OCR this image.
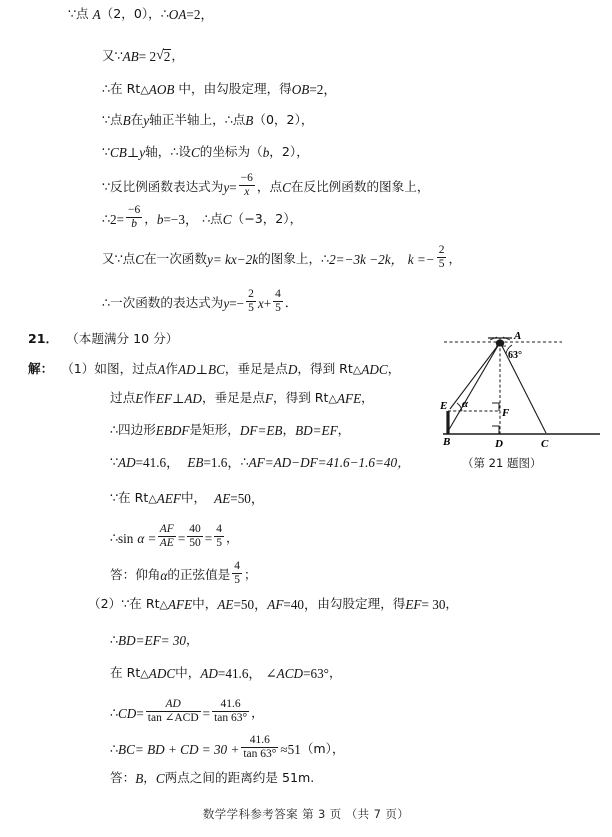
∵ 点 A （2，0）， ∴ OA =2，
又∵ AB = 2 √ 2 ，
∴ 在 Rt △ AOB 中，由勾股定理，得 OB =2，
∵ 点 B 在 y 轴正半轴上， ∴ 点 B （0，2），
∵ CB ⊥ y 轴， ∴ 设 C 的坐标为（ b ，2），
∵ 反比例函数表达式为 $y = \frac{-6}{x}$ ，点 C 在反比例函数的图象上，
∴ $2= \frac{-6}{b}$ ， b =−3， ∴ 点 C （−3，2），
又∵ 点 C 在一次函数 y= kx−2k 的图象上， ∴ 2=−3k −2k， $k =- \frac{2}{5}$ ，
∴ 一次函数的表达式为 $y =- \frac{2}{5}$ $x + \frac{4}{5}$ ．
21． （本题满分 10 分）
解： （1） 如图，过点 A 作 AD ⊥ BC ，垂足是点 D ，得到 Rt △ ADC ，
过点 E 作 EF ⊥ AD ，垂足是点 F ，得到 Rt △ AFE ，
∴ 四边形 EBDF 是矩形， DF=EB ， BD=EF ，
∵ AD =41.6， EB =1.6， ∴ AF =AD−DF=41.6−1.6=40，
∵ 在 Rt △ AEF 中， AE =50，
∴ $\sin \alpha = \frac{AF}{AE} = \frac{40}{50} = \frac{4}{5}$ ，
答：仰角 α 的正弦值是 $\frac{4}{5}$ ；
（2） ∵ 在 Rt △ AFE 中， AE =50， AF =40， 由勾股定理，得 EF = 30 ，
∴ BD =EF= 30 ，
在 Rt △ ADC 中， AD =41.6， ∠ACD =63° ，
∴ CD = $\frac{AD}{\text{tan ∠ACD}} = \frac{41.6}{\tan 63^\circ}$ ，
∴ BC = BD + CD = $30 + \frac{41.6}{\tan 63^\circ} \approx 51$ （m），
答： B ， C 两点之间的距离约是 51m.
A
B	C
D
E
F
63°
α
（第 21 题图）
数学学科参考答案 第 3 页 （共 7 页）
